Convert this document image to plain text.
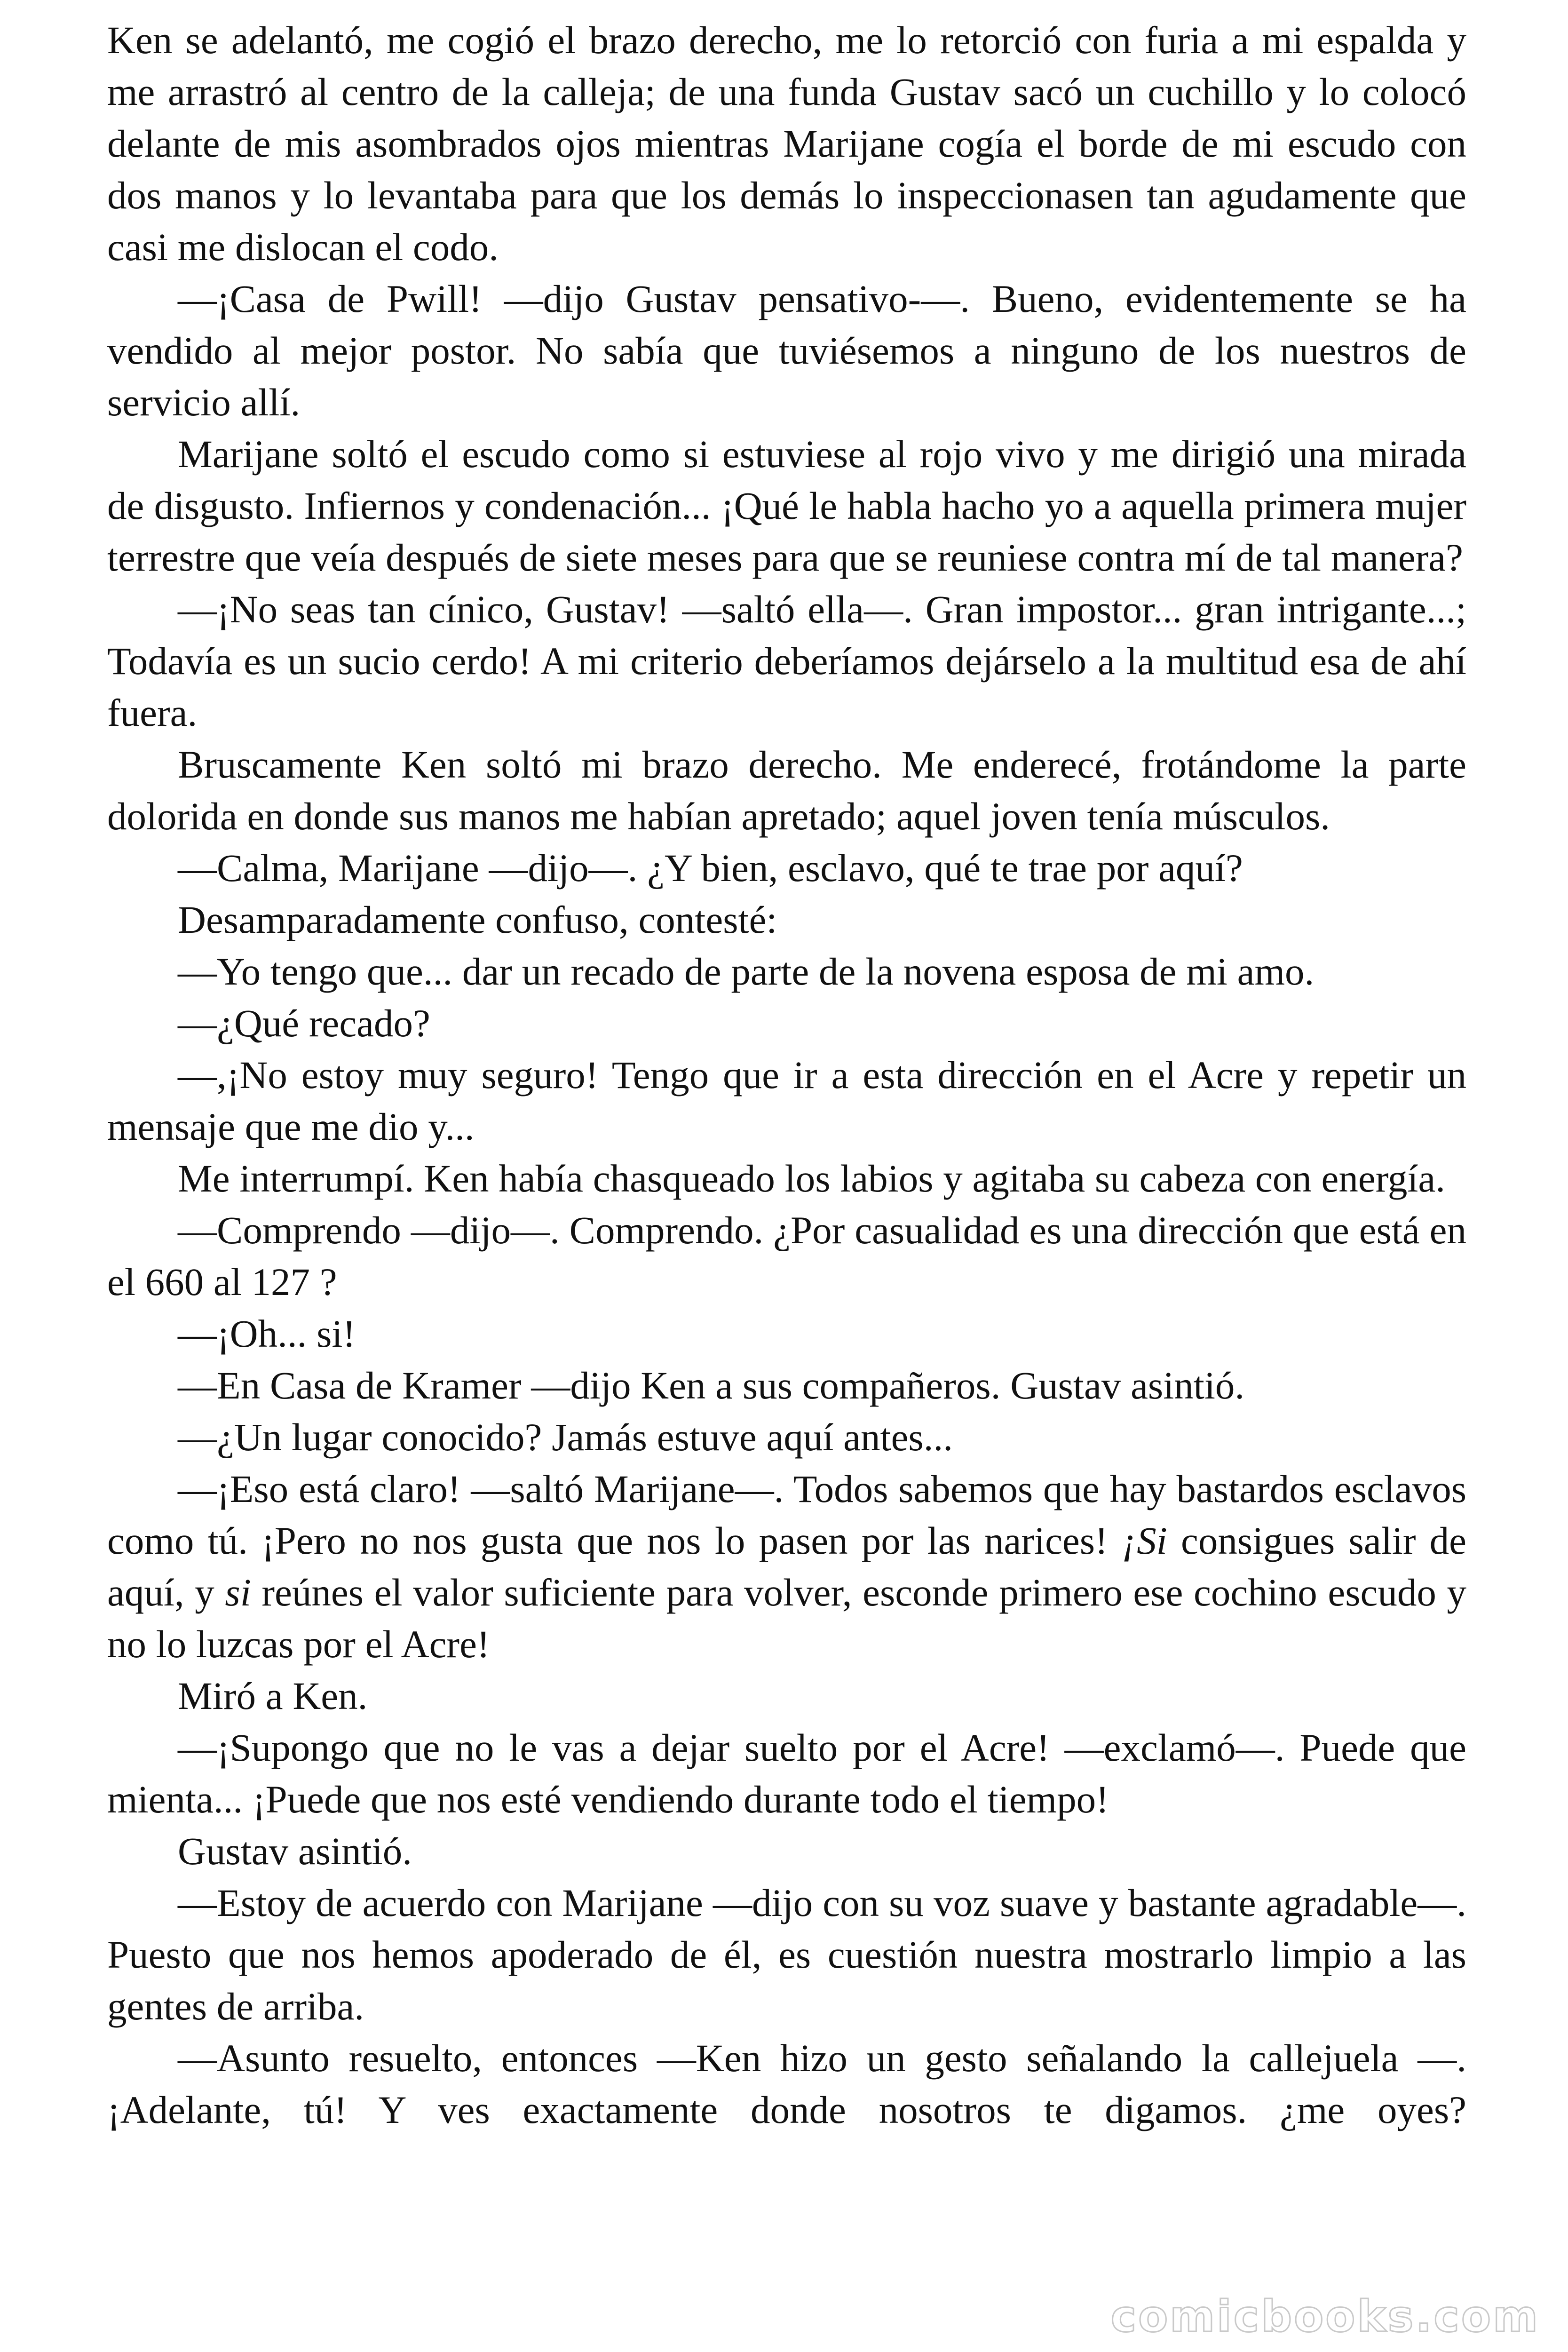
Ken se adelantó, me cogió el brazo derecho, me lo retorció con furia a mi espalda y me arrastró al centro de la calleja; de una funda Gustav sacó un cuchillo y lo colocó delante de mis asombrados ojos mientras Marijane cogía el borde de mi escudo con dos manos y lo levantaba para que los demás lo inspeccionasen tan agudamente que casi me dislocan el codo.

—¡Casa de Pwill! —dijo Gustav pensativo-—. Bueno, evidentemente se ha vendido al mejor postor. No sabía que tuviésemos a ninguno de los nuestros de servicio allí.

Marijane soltó el escudo como si estuviese al rojo vivo y me dirigió una mirada de disgusto. Infiernos y condenación... ¡Qué le habla hacho yo a aquella primera mujer terrestre que veía después de siete meses para que se reuniese contra mí de tal manera?

—¡No seas tan cínico, Gustav! —saltó ella—. Gran impostor... gran intrigante...; Todavía es un sucio cerdo! A mi criterio deberíamos dejárselo a la multitud esa de ahí fuera.

Bruscamente Ken soltó mi brazo derecho. Me enderecé, frotándome la parte dolorida en donde sus manos me habían apretado; aquel joven tenía músculos.

—Calma, Marijane —dijo—. ¿Y bien, esclavo, qué te trae por aquí?

Desamparadamente confuso, contesté:

—Yo tengo que... dar un recado de parte de la novena esposa de mi amo.

—¿Qué recado?

—,¡No estoy muy seguro! Tengo que ir a esta dirección en el Acre y repetir un mensaje que me dio y...

Me interrumpí. Ken había chasqueado los labios y agitaba su cabeza con energía.

—Comprendo —dijo—. Comprendo. ¿Por casualidad es una dirección que está en el 660 al 127 ?

—¡Oh... si!

—En Casa de Kramer —dijo Ken a sus compañeros. Gustav asintió.

—¿Un lugar conocido? Jamás estuve aquí antes...

—¡Eso está claro! —saltó Marijane—. Todos sabemos que hay bastardos esclavos como tú. ¡Pero no nos gusta que nos lo pasen por las narices! ¡Si consigues salir de aquí, y si reúnes el valor suficiente para volver, esconde primero ese cochino escudo y no lo luzcas por el Acre!

Miró a Ken.

—¡Supongo que no le vas a dejar suelto por el Acre! —exclamó—. Puede que mienta... ¡Puede que nos esté vendiendo durante todo el tiempo!

Gustav asintió.

—Estoy de acuerdo con Marijane —dijo con su voz suave y bastante agradable—. Puesto que nos hemos apoderado de él, es cuestión nuestra mostrarlo limpio a las gentes de arriba.

—Asunto resuelto, entonces —Ken hizo un gesto señalando la callejuela —. ¡Adelante, tú! Y ves exactamente donde nosotros te digamos. ¿me oyes?

comicbooks.com
